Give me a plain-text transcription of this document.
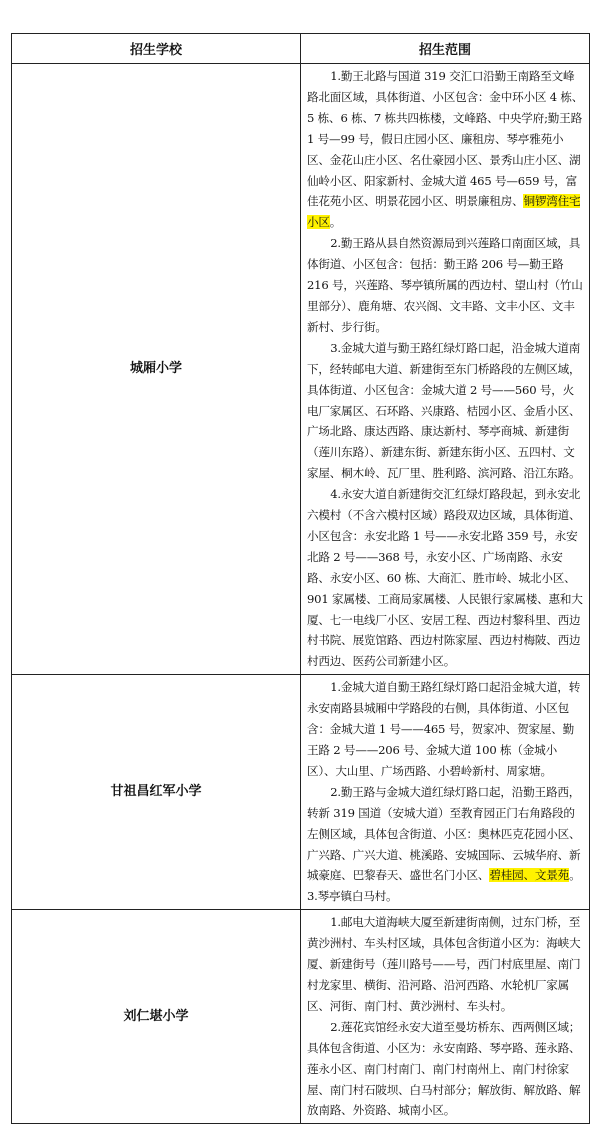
招生学校	招生范围
城厢小学	1.勤王北路与国道 319 交汇口沿勤王南路至文峰路北面区域，具体街道、小区包含：金中环小区 4 栋、5 栋、6 栋、7 栋共四栋楼，文峰路、中央学府;勤王路 1 号—99 号，假日庄园小区、廉租房、琴亭雅苑小区、金花山庄小区、名仕豪园小区、景秀山庄小区、湖仙岭小区、阳家新村、金城大道 465 号—659 号，富佳花苑小区、明景花园小区、明景廉租房、铜锣湾住宅小区。

2.勤王路从县自然资源局到兴莲路口南面区域，具体街道、小区包含：包括：勤王路 206 号—勤王路 216 号，兴莲路、琴亭镇所属的西边村、望山村（竹山里部分）、鹿角塘、农兴阁、文丰路、文丰小区、文丰新村、步行街。

3.金城大道与勤王路红绿灯路口起，沿金城大道南下，经转邮电大道、新建街至东门桥路段的左侧区域，具体街道、小区包含：金城大道 2 号——560 号，火电厂家属区、石环路、兴康路、桔园小区、金盾小区、广场北路、康达西路、康达新村、琴亭商城、新建街（莲川东路）、新建东街、新建东街小区、五四村、文家屋、桐木岭、瓦厂里、胜利路、滨河路、沿江东路。

4.永安大道自新建街交汇红绿灯路段起，到永安北六模村（不含六模村区域）路段双边区域，具体街道、小区包含：永安北路 1 号——永安北路 359 号，永安北路 2 号——368 号，永安小区、广场南路、永安路、永安小区、60 栋、大商汇、胜市岭、城北小区、901 家属楼、工商局家属楼、人民银行家属楼、惠和大厦、七一电线厂小区、安居工程、西边村黎科里、西边村书院、展览馆路、西边村陈家屋、西边村梅陂、西边村西边、医药公司新建小区。

甘祖昌红军小学	1.金城大道自勤王路红绿灯路口起沿金城大道，转永安南路县城厢中学路段的右侧，具体街道、小区包含：金城大道 1 号——465 号，贺家冲、贺家屋、勤王路 2 号——206 号、金城大道 100 栋（金城小区）、大山里、广场西路、小碧岭新村、周家塘。

2.勤王路与金城大道红绿灯路口起，沿勤王路西，转新 319 国道（安城大道）至教育园正门右角路段的左侧区域，具体包含街道、小区：奥林匹克花园小区、广兴路、广兴大道、桃溪路、安城国际、云城华府、新城豪庭、巴黎春天、盛世名门小区、碧桂园、文景苑。

3.琴亭镇白马村。

刘仁堪小学	1.邮电大道海峡大厦至新建街南侧，过东门桥，至黄沙洲村、车头村区域，具体包含街道小区为：海峡大厦、新建街号（莲川路号——号，西门村底里屋、南门村龙家里、横街、沿河路、沿河西路、水轮机厂家属区、河街、南门村、黄沙洲村、车头村。

2.莲花宾馆经永安大道至曼坊桥东、西两侧区域；具体包含街道、小区为：永安南路、琴亭路、莲永路、莲永小区、南门村南门、南门村南州上、南门村徐家屋、南门村石陂坝、白马村部分；解放街、解放路、解放南路、外资路、城南小区。
